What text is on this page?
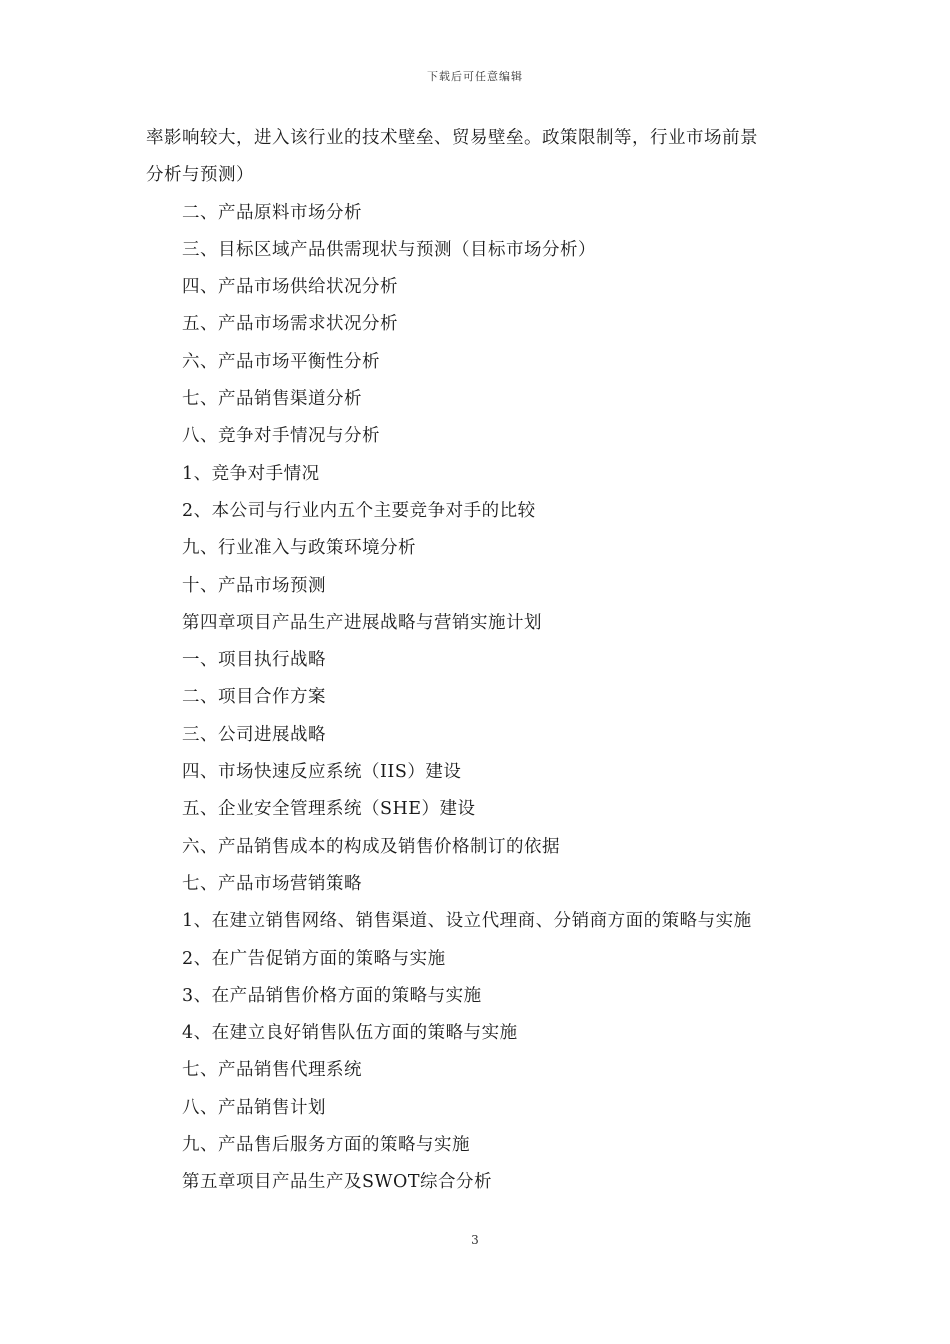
下载后可任意编辑
率影响较大，进入该行业的技术壁垒、贸易壁垒。政策限制等，行业市场前景
分析与预测）
二、产品原料市场分析
三、目标区域产品供需现状与预测（目标市场分析）
四、产品市场供给状况分析
五、产品市场需求状况分析
六、产品市场平衡性分析
七、产品销售渠道分析
八、竞争对手情况与分析
1、竞争对手情况
2、本公司与行业内五个主要竞争对手的比较
九、行业准入与政策环境分析
十、产品市场预测
第四章项目产品生产进展战略与营销实施计划
一、项目执行战略
二、项目合作方案
三、公司进展战略
四、市场快速反应系统（IIS）建设
五、企业安全管理系统（SHE）建设
六、产品销售成本的构成及销售价格制订的依据
七、产品市场营销策略
1、在建立销售网络、销售渠道、设立代理商、分销商方面的策略与实施
2、在广告促销方面的策略与实施
3、在产品销售价格方面的策略与实施
4、在建立良好销售队伍方面的策略与实施
七、产品销售代理系统
八、产品销售计划
九、产品售后服务方面的策略与实施
第五章项目产品生产及SWOT综合分析
3
